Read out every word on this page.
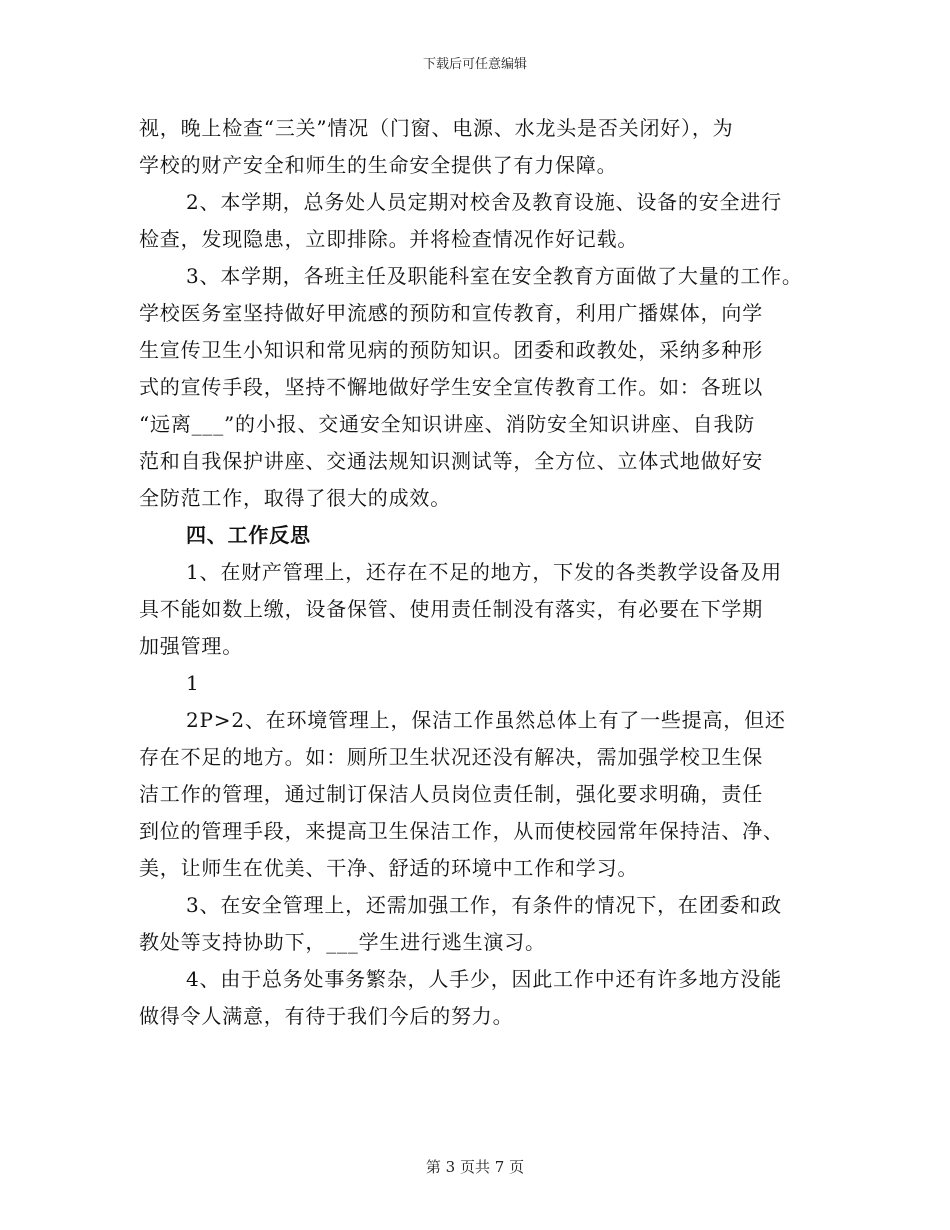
下载后可任意编辑
视，晚上检查“三关”情况（门窗、电源、水龙头是否关闭好），为
学校的财产安全和师生的生命安全提供了有力保障。
2、本学期，总务处人员定期对校舍及教育设施、设备的安全进行
检查，发现隐患，立即排除。并将检查情况作好记载。
3、本学期，各班主任及职能科室在安全教育方面做了大量的工作。
学校医务室坚持做好甲流感的预防和宣传教育，利用广播媒体，向学
生宣传卫生小知识和常见病的预防知识。团委和政教处，采纳多种形
式的宣传手段，坚持不懈地做好学生安全宣传教育工作。如：各班以
“远离___”的小报、交通安全知识讲座、消防安全知识讲座、自我防
范和自我保护讲座、交通法规知识测试等，全方位、立体式地做好安
全防范工作，取得了很大的成效。
四、工作反思
1、在财产管理上，还存在不足的地方，下发的各类教学设备及用
具不能如数上缴，设备保管、使用责任制没有落实，有必要在下学期
加强管理。
1
2P>2、在环境管理上，保洁工作虽然总体上有了一些提高，但还
存在不足的地方。如：厕所卫生状况还没有解决，需加强学校卫生保
洁工作的管理，通过制订保洁人员岗位责任制，强化要求明确，责任
到位的管理手段，来提高卫生保洁工作，从而使校园常年保持洁、净、
美，让师生在优美、干净、舒适的环境中工作和学习。
3、在安全管理上，还需加强工作，有条件的情况下，在团委和政
教处等支持协助下，___学生进行逃生演习。
4、由于总务处事务繁杂，人手少，因此工作中还有许多地方没能
做得令人满意，有待于我们今后的努力。
第 3 页共 7 页
